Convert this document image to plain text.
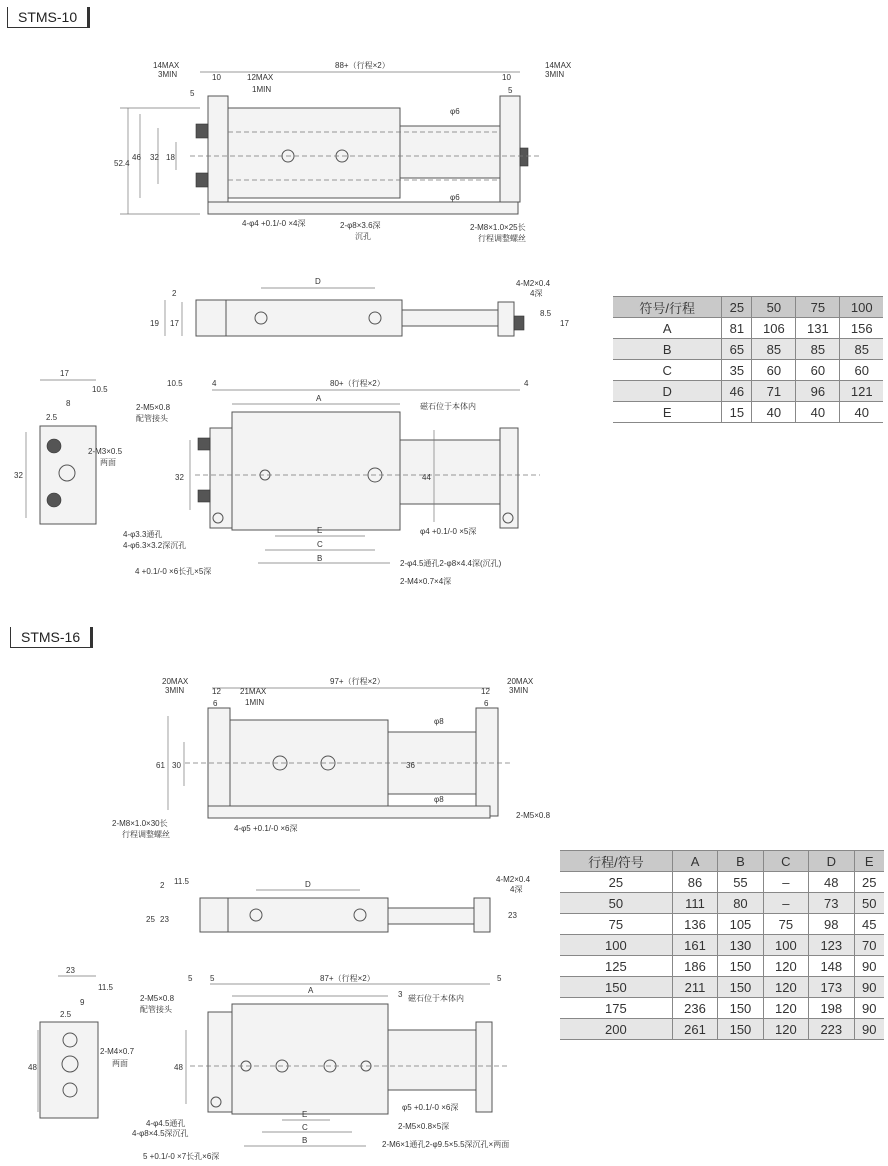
STMS-10
STMS-16
88+（行程×2）
14MAX
3MIN
14MAX
3MIN
5
10	12MAX
1MIN
10
5
52.4
46 32 18
φ6
φ6
4-φ4 +0.1/-0 ×4深	2-φ8×3.6深
沉孔
2-M8×1.0×25长
行程调整螺丝
D
2
19 17
4-M2×0.4
4深
8.5
17
17
10.5
8
2.5
32
2-M3×0.5
两面
10.5	4	80+（行程×2）	4
A
磁石位于本体内
2-M5×0.8
配管接头
32	44
E
C
B
4-φ3.3通孔
4-φ6.3×3.2深沉孔
4 +0.1/-0 ×6长孔×5深
φ4 +0.1/-0 ×5深
2-φ4.5通孔2-φ8×4.4深(沉孔)
2-M4×0.7×4深
97+（行程×2）
20MAX
3MIN
20MAX
3MIN
12
6
21MAX
1MIN
12
6
61 30	36
φ8
φ8
2-M8×1.0×30长
行程调整螺丝
4-φ5 +0.1/-0 ×6深
2-M5×0.8
D
2 11.5
25 23
4-M2×0.4
4深
23
23
11.5
9
2.5
48
2-M4×0.7
两面
5 5	87+（行程×2）	5
A	3 磁石位于本体内
2-M5×0.8
配管接头
48
E
C
B
4-φ4.5通孔
4-φ8×4.5深沉孔
5 +0.1/-0 ×7长孔×6深
φ5 +0.1/-0 ×6深
2-M5×0.8×5深
2-M6×1通孔2-φ9.5×5.5深沉孔×两面
符号/行程	25	50	75	100
A	81	106	131	156
B	65	85	85	85
C	35	60	60	60
D	46	71	96	121
E	15	40	40	40
行程/符号	A	B	C	D	E
25	86	55	–	48	25
50	111	80	–	73	50
75	136	105	75	98	45
100	161	130	100	123	70
125	186	150	120	148	90
150	211	150	120	173	90
175	236	150	120	198	90
200	261	150	120	223	90
